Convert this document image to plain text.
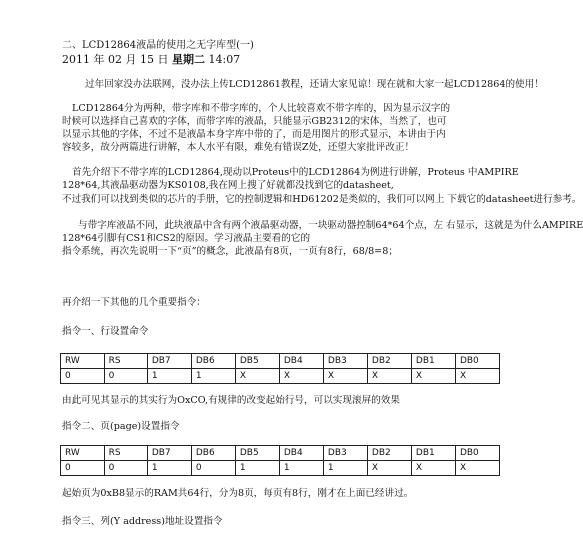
二、LCD12864液晶的使用之无字库型(一)
2011 年 02 月 15 日 星期二 14:07
过年回家没办法联网，没办法上传LCD12861教程，还请大家见谅！现在就和大家一起LCD12864的使用！
LCD12864分为两种，带字库和不带字库的，个人比较喜欢不带字库的，因为显示汉字的
时候可以选择自己喜欢的字体，而带字库的液晶，只能显示GB2312的宋体，当然了，也可
以显示其他的字体，不过不是液晶本身字库中带的了，而是用图片的形式显示，本讲由于内
容较多，故分两篇进行讲解，本人水平有限，难免有错误Z处，还望大家批评改正！
首先介绍下不带字库的LCD12864,现动以Proteus中的LCD12864为例进行讲解，Proteus 中AMPIRE
128*64,其液晶驱动器为KS0108,我在网上搜了好就都没找到它的datasheet,
不过我们可以找到类似的芯片的手册，它的控制逻辑和HD61202是类似的，我们可以网上 下载它的datasheet进行参考。
与带字库液晶不同，此块液晶中含有两个液晶驱动器，一块驱动器控制64*64个点，左 右显示，这就是为什么AMPIRE
128*64引脚有CS1和CS2的原因。学习液晶主要看的它的
指令系统，再次先说明一下“页”的概念，此液晶有8页，一页有8行，68/8=8；
再介绍一下其他的几个重要指令：
指令一、行设置命令
RW	RS	DB7	DB6	DB5	DB4	DB3	DB2	DB1	DB0
0	0	1	1	X	X	X	X	X	X
由此可见其显示的其实行为OxCO,有规律的改变起始行号，可以实现滚屏的效果
指令二、页(page)设置指令
RW	RS	DB7	DB6	DB5	DB4	DB3	DB2	DB1	DB0
0	0	1	0	1	1	1	X	X	X
起始页为0xB8显示的RAM共64行，分为8页，每页有8行，刚才在上面已经讲过。
指令三、列(Y address)地址设置指令
